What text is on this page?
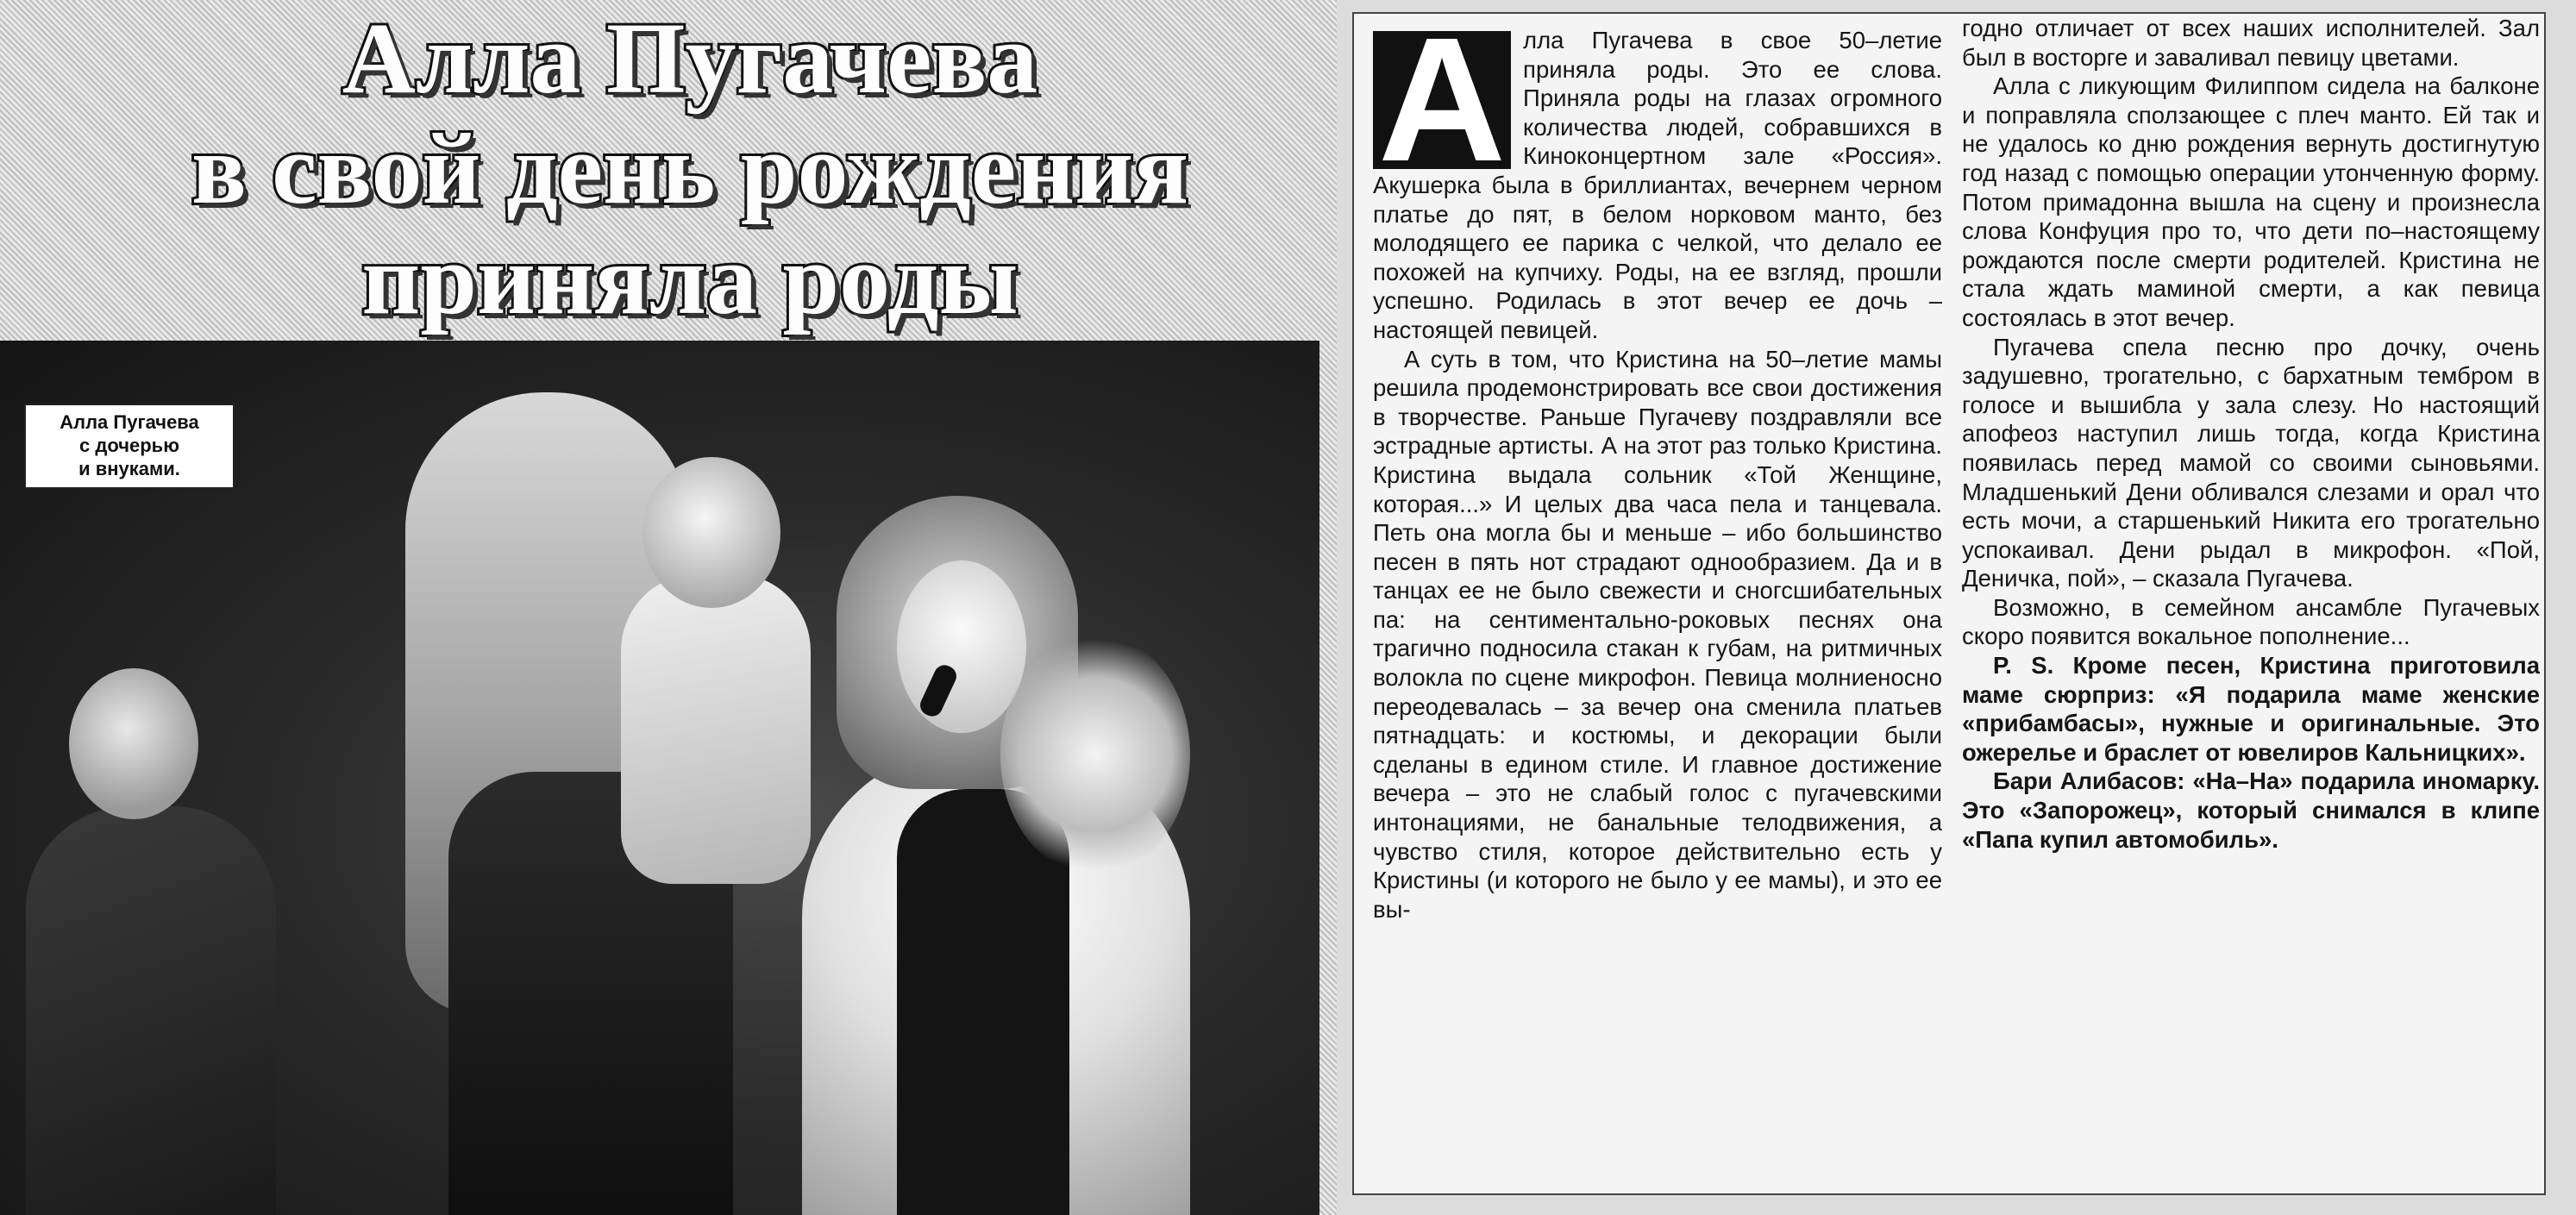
Алла Пугачева
в свой день рождения
приняла роды
Алла Пугачева
с дочерью
и внуками.

А лла Пугачева в свое 50–летие приняла роды. Это ее слова. Приняла роды на глазах огромного количества людей, собравшихся в Киноконцертном зале «Россия». Акушерка была в бриллиантах, вечернем черном платье до пят, в белом норковом манто, без молодящего ее парика с челкой, что делало ее похожей на купчиху. Роды, на ее взгляд, прошли успешно. Родилась в этот вечер ее дочь – настоящей певицей.

А суть в том, что Кристина на 50–летие мамы решила продемонстрировать все свои достижения в творчестве. Раньше Пугачеву поздравляли все эстрадные артисты. А на этот раз только Кристина. Кристина выдала сольник «Той Женщине, которая...» И целых два часа пела и танцевала. Петь она могла бы и меньше – ибо большинство песен в пять нот страдают однообразием. Да и в танцах ее не было свежести и сногсшибательных па: на сентиментально-роковых песнях она трагично подносила стакан к губам, на ритмичных волокла по сцене микрофон. Певица молниеносно переодевалась – за вечер она сменила платьев пятнадцать: и костюмы, и декорации были сделаны в едином стиле. И главное достижение вечера – это не слабый голос с пугачевскими интонациями, не банальные телодвижения, а чувство стиля, которое действительно есть у Кристины (и которого не было у ее мамы), и это ее вы-

годно отличает от всех наших исполнителей. Зал был в восторге и заваливал певицу цветами.

Алла с ликующим Филиппом сидела на балконе и поправляла сползающее с плеч манто. Ей так и не удалось ко дню рождения вернуть достигнутую год назад с помощью операции утонченную форму. Потом примадонна вышла на сцену и произнесла слова Конфуция про то, что дети по–настоящему рождаются после смерти родителей. Кристина не стала ждать маминой смерти, а как певица состоялась в этот вечер.

Пугачева спела песню про дочку, очень задушевно, трогательно, с бархатным тембром в голосе и вышибла у зала слезу. Но настоящий апофеоз наступил лишь тогда, когда Кристина появилась перед мамой со своими сыновьями. Младшенький Дени обливался слезами и орал что есть мочи, а старшенький Никита его трогательно успокаивал. Дени рыдал в микрофон. «Пой, Деничка, пой», – сказала Пугачева.

Возможно, в семейном ансамбле Пугачевых скоро появится вокальное пополнение...

Р. S. Кроме песен, Кристина приготовила маме сюрприз: «Я подарила маме женские «прибамбасы», нужные и оригинальные. Это ожерелье и браслет от ювелиров Кальницких».

Бари Алибасов: «На–На» подарила иномарку. Это «Запорожец», который снимался в клипе «Папа купил автомобиль».
